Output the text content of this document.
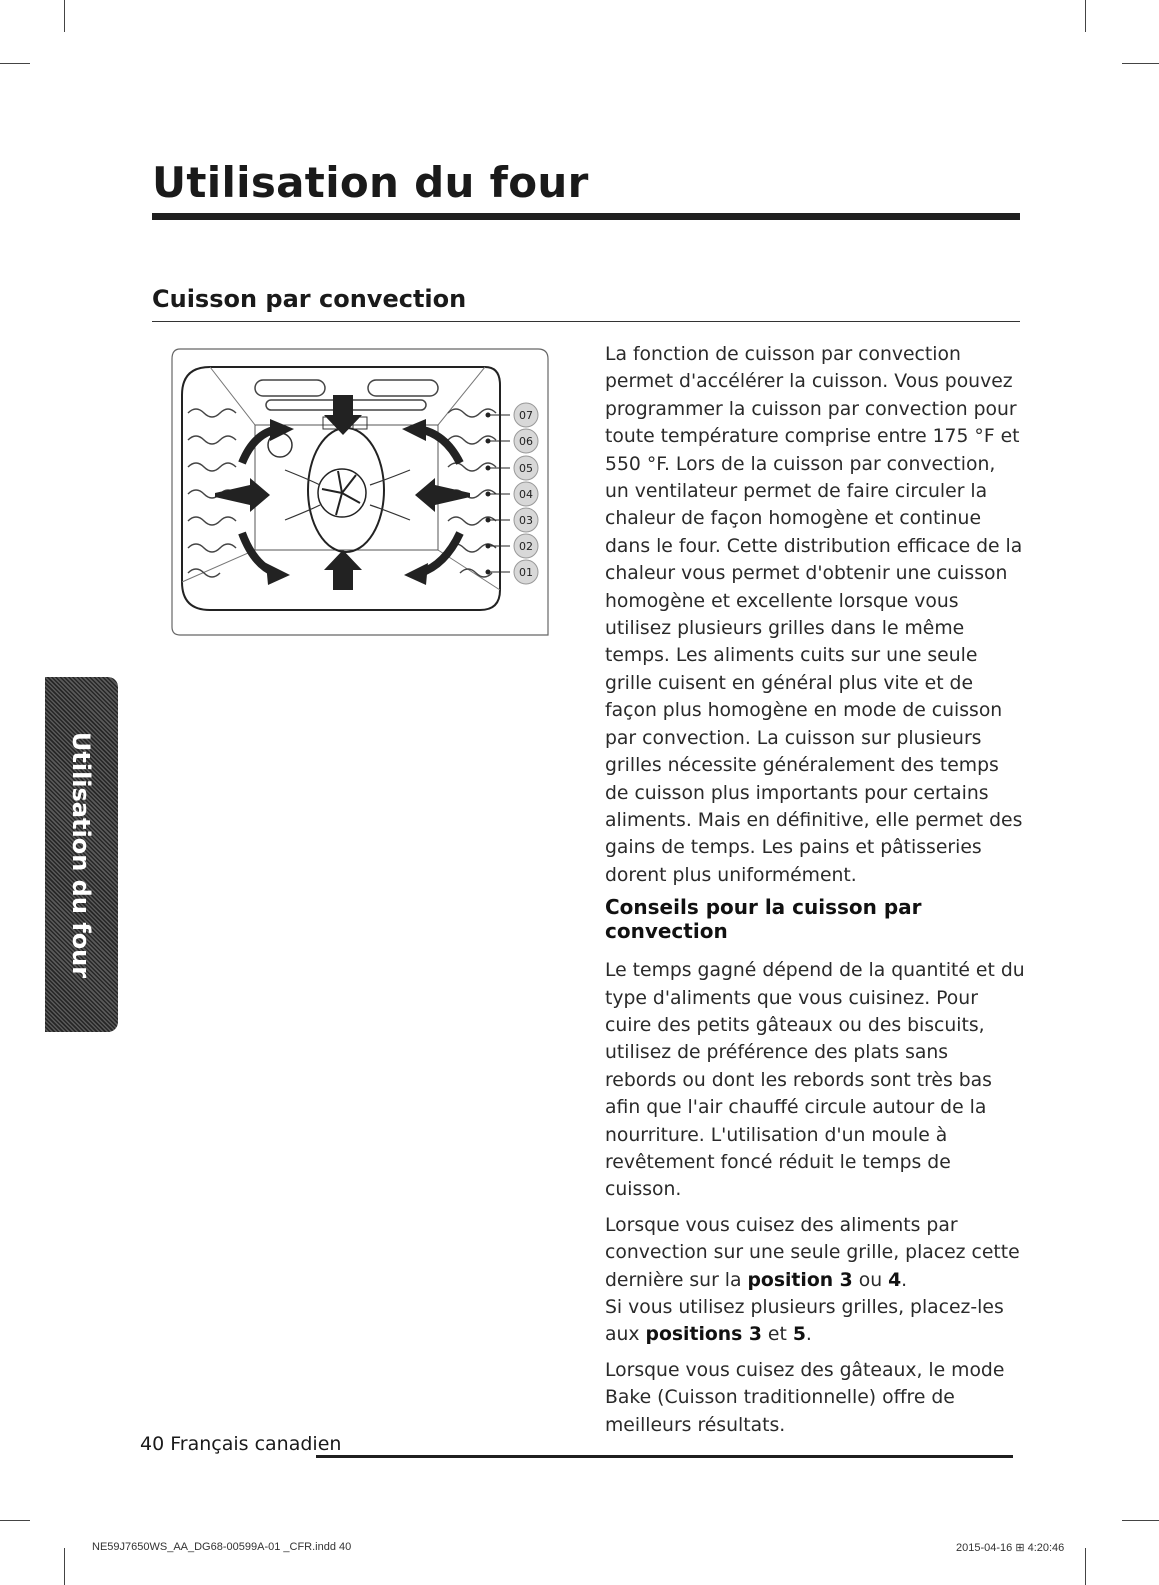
Utilisation du four
Cuisson par convection
07
06
05
04
03
02
01

La fonction de cuisson par convection permet d'accélérer la cuisson. Vous pouvez programmer la cuisson par convection pour toute température comprise entre 175 °F et 550 °F. Lors de la cuisson par convection, un ventilateur permet de faire circuler la chaleur de façon homogène et continue dans le four. Cette distribution efficace de la chaleur vous permet d'obtenir une cuisson homogène et excellente lorsque vous utilisez plusieurs grilles dans le même temps. Les aliments cuits sur une seule grille cuisent en général plus vite et de façon plus homogène en mode de cuisson par convection. La cuisson sur plusieurs grilles nécessite généralement des temps de cuisson plus importants pour certains aliments. Mais en définitive, elle permet des gains de temps. Les pains et pâtisseries dorent plus uniformément.

Conseils pour la cuisson par convection

Le temps gagné dépend de la quantité et du type d'aliments que vous cuisinez. Pour cuire des petits gâteaux ou des biscuits, utilisez de préférence des plats sans rebords ou dont les rebords sont très bas afin que l'air chauffé circule autour de la nourriture. L'utilisation d'un moule à revêtement foncé réduit le temps de cuisson.

Lorsque vous cuisez des aliments par convection sur une seule grille, placez cette dernière sur la position 3 ou 4.

Si vous utilisez plusieurs grilles, placez-les aux positions 3 et 5.

Lorsque vous cuisez des gâteaux, le mode Bake (Cuisson traditionnelle) offre de meilleurs résultats.

Utilisation du four

40 Français canadien

NE59J7650WS_AA_DG68-00599A-01 _CFR.indd 40	2015-04-16 ⊞ 4:20:46
